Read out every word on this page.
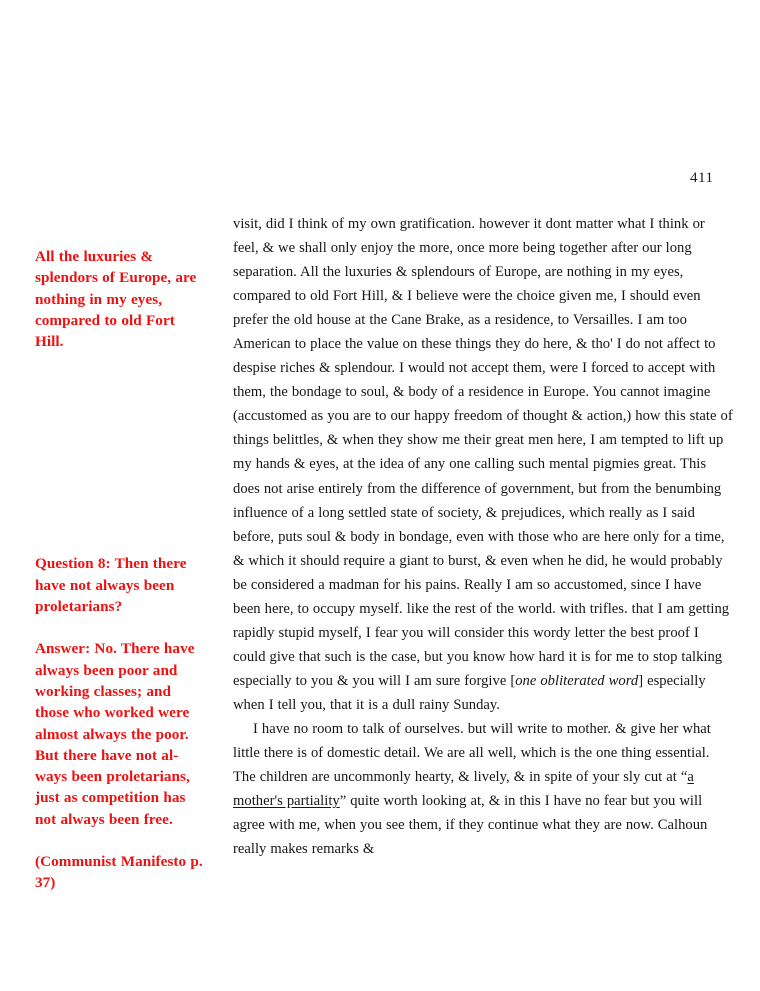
411
All the luxuries & splendors of Europe, are nothing in my eyes, compared to old Fort Hill.
Question 8: Then there have not always been proletarians?
Answer: No. There have always been poor and working classes; and those who worked were almost always the poor. But there have not al-ways been proletarians, just as competition has not always been free.
(Communist Manifesto p. 37)

visit, did I think of my own gratification. however it dont matter what I think or feel, & we shall only enjoy the more, once more being together after our long separation. All the luxuries & splendours of Europe, are nothing in my eyes, compared to old Fort Hill, & I believe were the choice given me, I should even prefer the old house at the Cane Brake, as a residence, to Versailles. I am too American to place the value on these things they do here, & tho' I do not affect to despise riches & splendour. I would not accept them, were I forced to accept with them, the bondage to soul, & body of a residence in Europe. You cannot imagine (accustomed as you are to our happy freedom of thought & action,) how this state of things belittles, & when they show me their great men here, I am tempted to lift up my hands & eyes, at the idea of any one calling such mental pigmies great. This does not arise entirely from the difference of government, but from the benumbing influence of a long settled state of society, & prejudices, which really as I said before, puts soul & body in bondage, even with those who are here only for a time, & which it should require a giant to burst, & even when he did, he would probably be considered a madman for his pains. Really I am so accustomed, since I have been here, to occupy myself. like the rest of the world. with trifles. that I am getting rapidly stupid myself, I fear you will consider this wordy letter the best proof I could give that such is the case, but you know how hard it is for me to stop talking especially to you & you will I am sure forgive [one obliterated word] especially when I tell you, that it is a dull rainy Sunday.

I have no room to talk of ourselves. but will write to mother. & give her what little there is of domestic detail. We are all well, which is the one thing essential. The children are uncommonly hearty, & lively, & in spite of your sly cut at “a mother's partiality” quite worth looking at, & in this I have no fear but you will agree with me, when you see them, if they continue what they are now. Calhoun really makes remarks &
